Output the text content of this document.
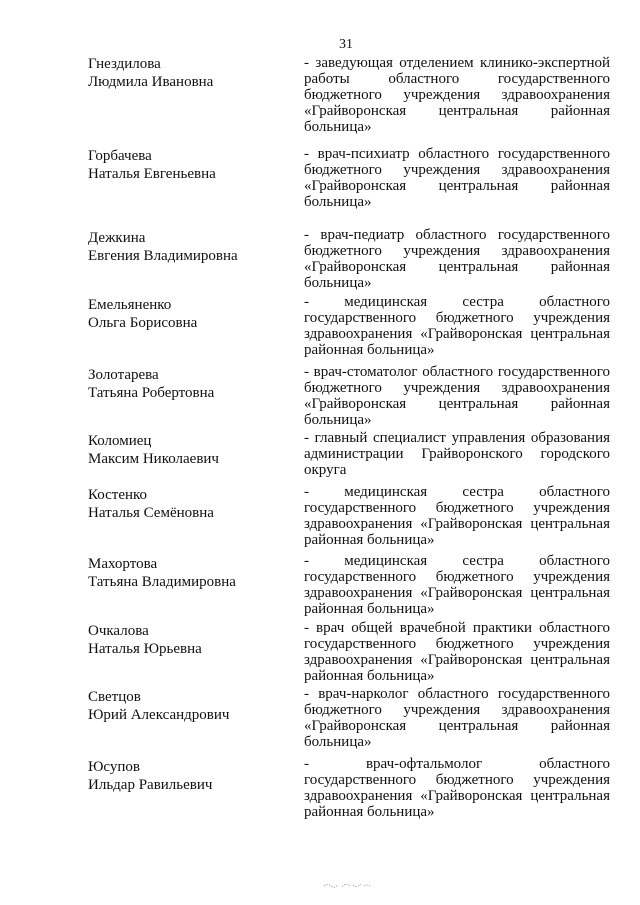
31
Гнездилова
Людмила Ивановна
- заведующая отделением клинико-экспертной работы областного государственного бюджетного учреждения здравоохранения «Грайворонская центральная районная больница»
Горбачева
Наталья Евгеньевна
- врач-психиатр областного государственного бюджетного учреждения здравоохранения «Грайворонская центральная районная больница»
Дежкина
Евгения Владимировна
- врач-педиатр областного государственного бюджетного учреждения здравоохранения «Грайворонская центральная районная больница»
Емельяненко
Ольга Борисовна
- медицинская сестра областного государственного бюджетного учреждения здравоохранения «Грайворонская центральная районная больница»
Золотарева
Татьяна Робертовна
- врач-стоматолог областного государственного бюджетного учреждения здравоохранения «Грайворонская центральная районная больница»
Коломиец
Максим Николаевич
- главный специалист управления образования администрации Грайворонского городского округа
Костенко
Наталья Семёновна
- медицинская сестра областного государственного бюджетного учреждения здравоохранения «Грайворонская центральная районная больница»
Махортова
Татьяна Владимировна
- медицинская сестра областного государственного бюджетного учреждения здравоохранения «Грайворонская центральная районная больница»
Очкалова
Наталья Юрьевна
- врач общей врачебной практики областного государственного бюджетного учреждения здравоохранения «Грайворонская центральная районная больница»
Светцов
Юрий Александрович
- врач-нарколог областного государственного бюджетного учреждения здравоохранения «Грайворонская центральная районная больница»
Юсупов
Ильдар Равильевич
- врач-офтальмолог областного государственного бюджетного учреждения здравоохранения «Грайворонская центральная районная больница»
